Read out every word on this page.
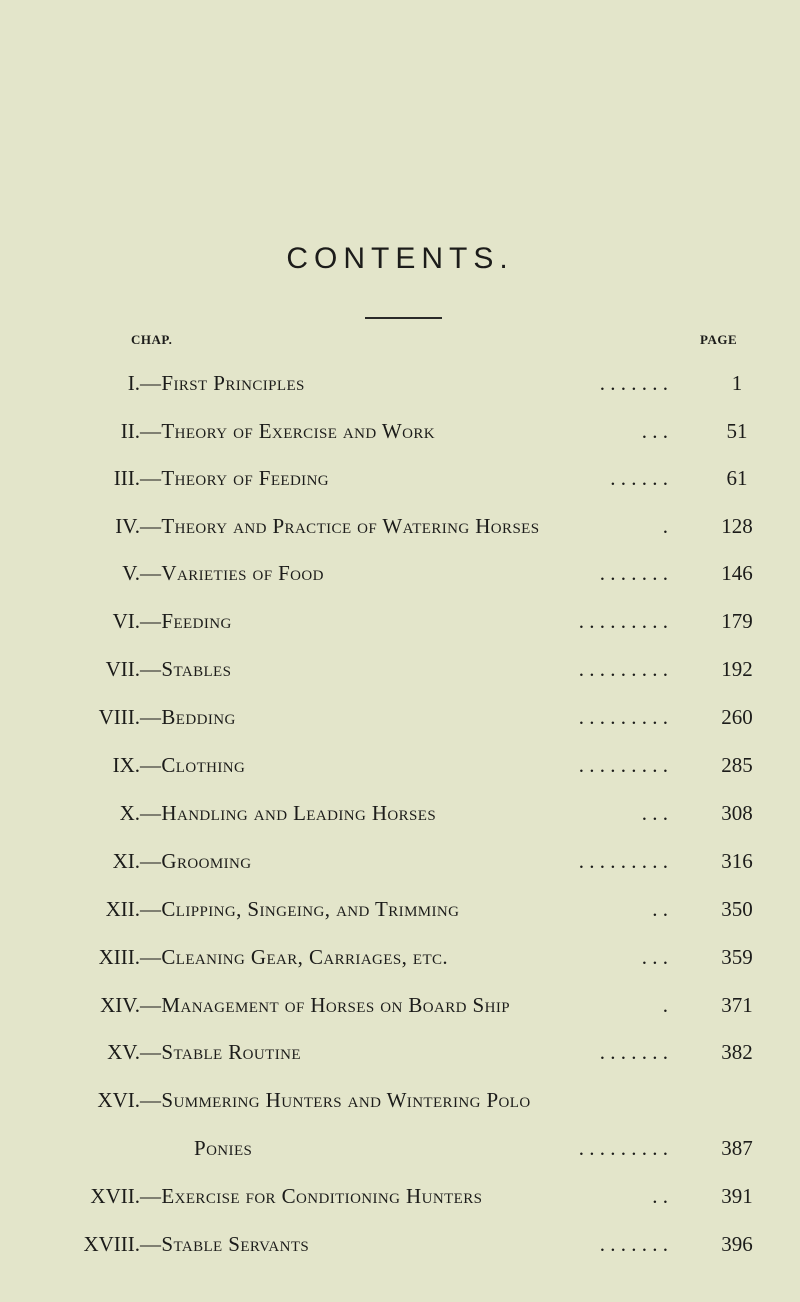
CONTENTS.
CHAP.	PAGE
I. —First Principles	. . . . . . .	1
II. —Theory of Exercise and Work	. . .	51
III. —Theory of Feeding	. . . . . .	61
IV. —Theory and Practice of Watering Horses	.	128
V. —Varieties of Food	. . . . . . .	146
VI. —Feeding	. . . . . . . . .	179
VII. —Stables	. . . . . . . . .	192
VIII. —Bedding	. . . . . . . . .	260
IX. —Clothing	. . . . . . . . .	285
X. —Handling and Leading Horses	. . .	308
XI. —Grooming	. . . . . . . . .	316
XII. —Clipping, Singeing, and Trimming	. .	350
XIII. —Cleaning Gear, Carriages, etc.	. . .	359
XIV. —Management of Horses on Board Ship	.	371
XV. —Stable Routine	. . . . . . .	382
XVI. —Summering Hunters and Wintering Polo
Ponies	. . . . . . . . .	387
XVII. —Exercise for Conditioning Hunters	. .	391
XVIII. —Stable Servants	. . . . . . .	396
